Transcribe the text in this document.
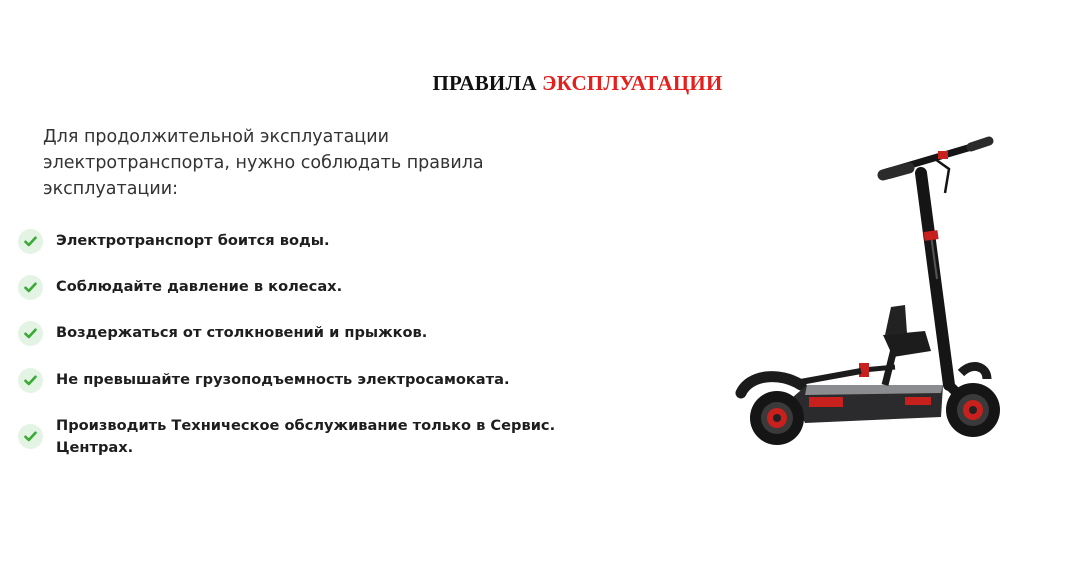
ПРАВИЛА ЭКСПЛУАТАЦИИ

Для продолжительной эксплуатации электротранспорта, нужно соблюдать правила эксплуатации:

Электротранспорт боится воды.
Соблюдайте давление в колесах.
Воздержаться от столкновений и прыжков.
Не превышайте грузоподъемность электросамоката.
Производить Техническое обслуживание только в Сервис. Центрах.
